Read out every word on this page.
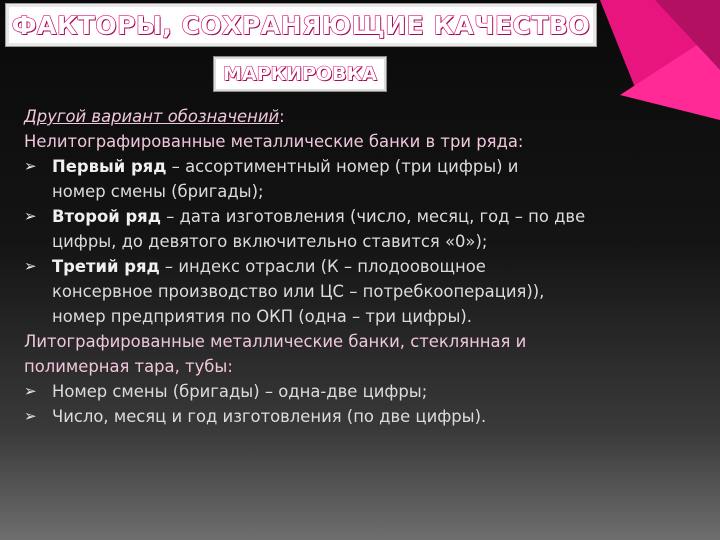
ФАКТОРЫ, СОХРАНЯЮЩИЕ КАЧЕСТВО
МАРКИРОВКА
Другой вариант обозначений:
Нелитографированные металлические банки в три ряда:
➢ Первый ряд – ассортиментный номер (три цифры) и
номер смены (бригады);
➢ Второй ряд – дата изготовления (число, месяц, год – по две
цифры, до девятого включительно ставится «0»);
➢ Третий ряд – индекс отрасли (К – плодоовощное
консервное производство или ЦС – потребкооперация)),
номер предприятия по ОКП (одна – три цифры).
Литографированные металлические банки, стеклянная и
полимерная тара, тубы:
➢ Номер смены (бригады) – одна-две цифры;
➢ Число, месяц и год изготовления (по две цифры).
